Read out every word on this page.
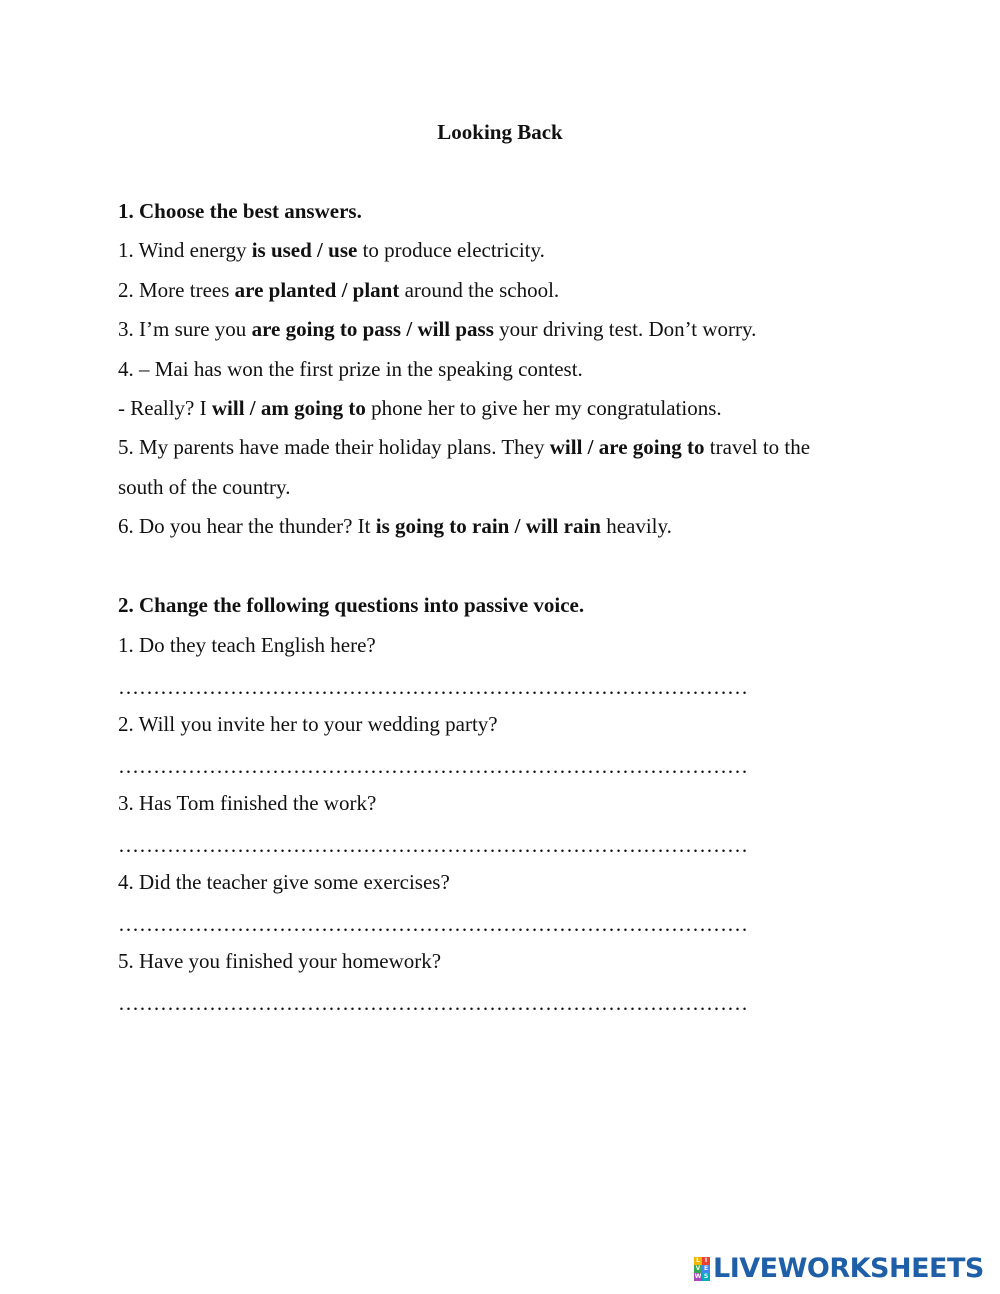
Looking Back
1. Choose the best answers.
1. Wind energy is used / use to produce electricity.
2. More trees are planted / plant around the school.
3. I’m sure you are going to pass / will pass your driving test. Don’t worry.
4. – Mai has won the first prize in the speaking contest.
- Really? I will / am going to phone her to give her my congratulations.
5. My parents have made their holiday plans. They will / are going to travel to the
south of the country.
6. Do you hear the thunder? It is going to rain / will rain heavily.
2. Change the following questions into passive voice.
1. Do they teach English here?
………………………………………………………………………………
2. Will you invite her to your wedding party?
………………………………………………………………………………
3. Has Tom finished the work?
………………………………………………………………………………
4. Did the teacher give some exercises?
………………………………………………………………………………
5. Have you finished your homework?
………………………………………………………………………………
L I
V E
W S LIVEWORKSHEETS
